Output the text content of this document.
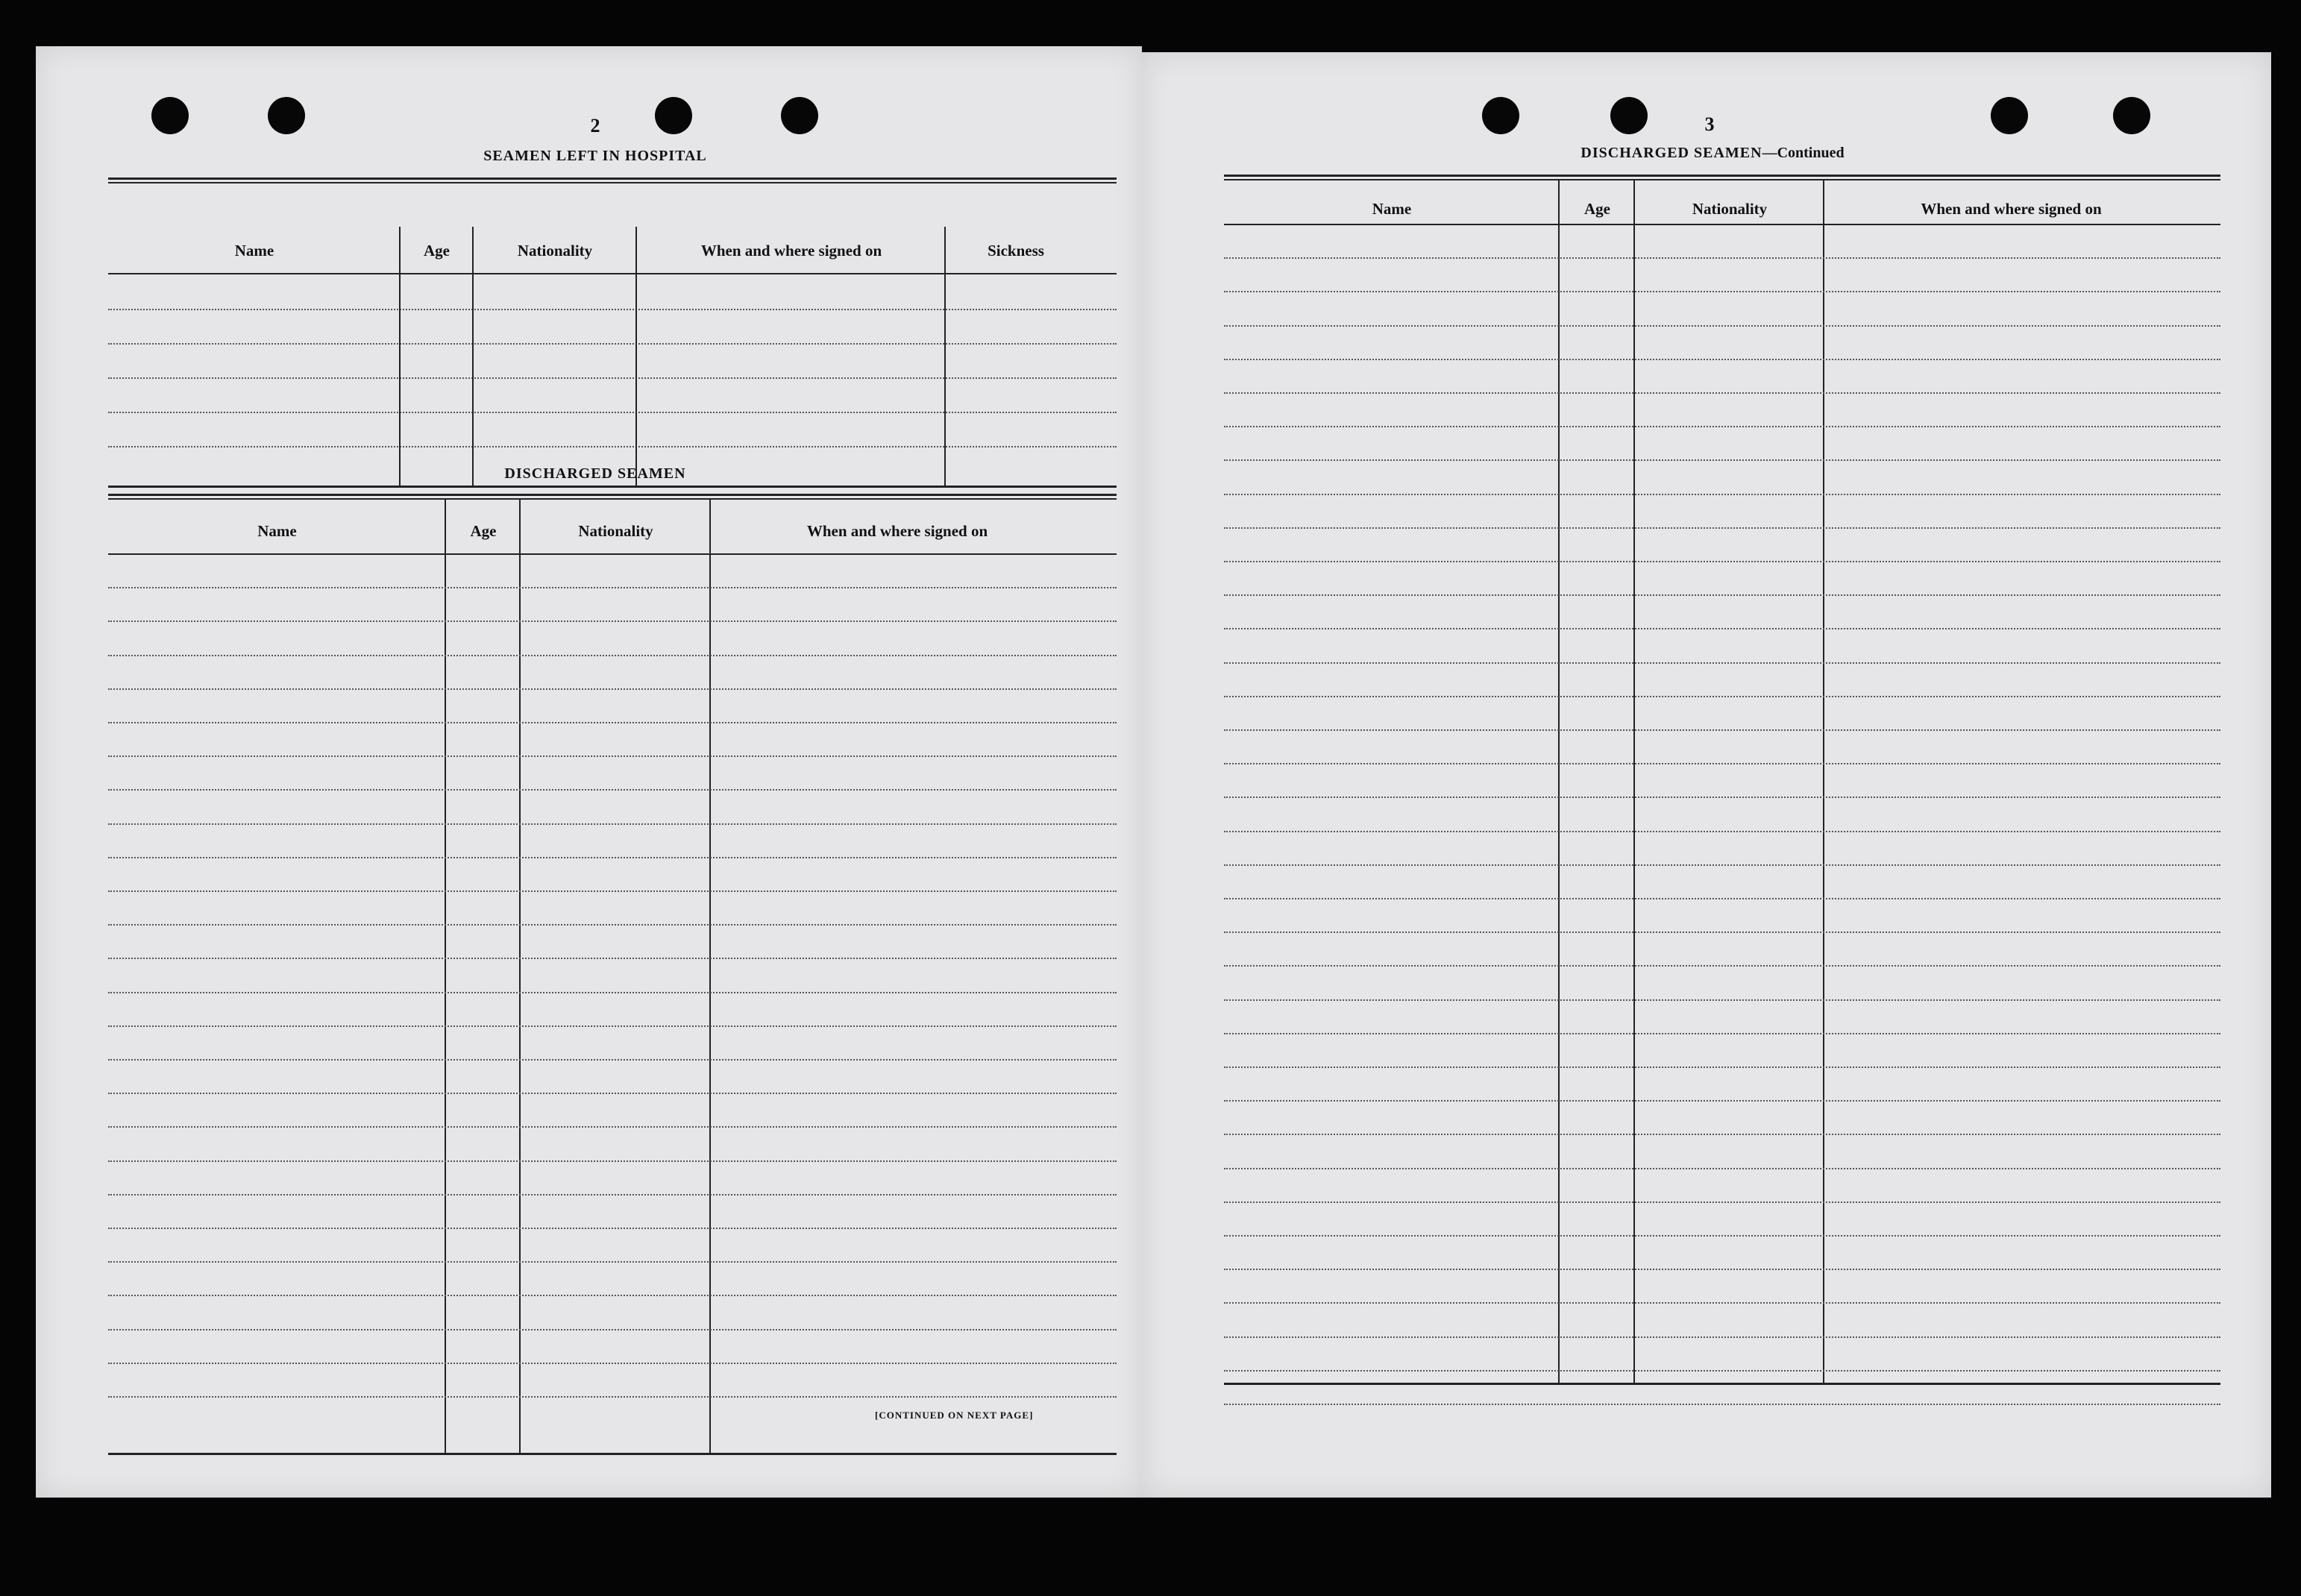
2
SEAMEN LEFT IN HOSPITAL
Name	Age	Nationality	When and where signed on	Sickness
DISCHARGED SEAMEN
Name	Age	Nationality	When and where signed on
[CONTINUED ON NEXT PAGE]
3
DISCHARGED SEAMEN—Continued
Name	Age	Nationality	When and where signed on
